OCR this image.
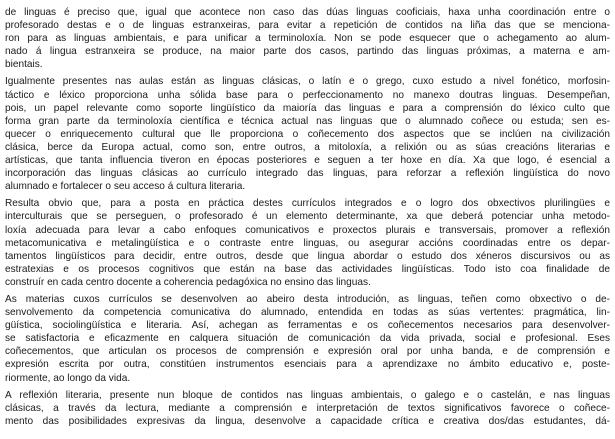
de linguas é preciso que, igual que acontece non caso das dúas linguas cooficiais, haxa unha coordinación entre o
profesorado destas e o de linguas estranxeiras, para evitar a repetición de contidos na liña das que se menciona-
ron para as linguas ambientais, e para unificar a terminoloxía. Non se pode esquecer que o achegamento ao alum-
nado á lingua estranxeira se produce, na maior parte dos casos, partindo das linguas próximas, a materna e am-
bientais.
Igualmente presentes nas aulas están as linguas clásicas, o latín e o grego, cuxo estudo a nivel fonético, morfosin-
táctico e léxico proporciona unha sólida base para o perfeccionamento no manexo doutras linguas. Desempeñan,
pois, un papel relevante como soporte lingüístico da maioría das linguas e para a comprensión do léxico culto que
forma gran parte da terminoloxía científica e técnica actual nas linguas que o alumnado coñece ou estuda; sen es-
quecer o enriquecemento cultural que lle proporciona o coñecemento dos aspectos que se inclúen na civilización
clásica, berce da Europa actual, como son, entre outros, a mitoloxía, a relixión ou as súas creacións literarias e
artísticas, que tanta influencia tiveron en épocas posteriores e seguen a ter hoxe en día. Xa que logo, é esencial a
incorporación das linguas clásicas ao currículo integrado das linguas, para reforzar a reflexión lingüística do novo
alumnado e fortalecer o seu acceso á cultura literaria.
Resulta obvio que, para a posta en práctica destes currículos integrados e o logro dos obxectivos plurilingües e
interculturais que se perseguen, o profesorado é un elemento determinante, xa que deberá potenciar unha metodo-
loxía adecuada para levar a cabo enfoques comunicativos e proxectos plurais e transversais, promover a reflexión
metacomunicativa e metalingüística e o contraste entre linguas, ou asegurar accións coordinadas entre os depar-
tamentos lingüísticos para decidir, entre outros, desde que lingua abordar o estudo dos xéneros discursivos ou as
estratexias e os procesos cognitivos que están na base das actividades lingüísticas. Todo isto coa finalidade de
construír en cada centro docente a coherencia pedagóxica no ensino das linguas.
As materias cuxos currículos se desenvolven ao abeiro desta introdución, as linguas, teñen como obxectivo o de-
senvolvemento da competencia comunicativa do alumnado, entendida en todas as súas vertentes: pragmática, lin-
güística, sociolingüística e literaria. Así, achegan as ferramentas e os coñecementos necesarios para desenvolver-
se satisfactoria e eficazmente en calquera situación de comunicación da vida privada, social e profesional. Eses
coñecementos, que articulan os procesos de comprensión e expresión oral por unha banda, e de comprensión e
expresión escrita por outra, constitúen instrumentos esenciais para a aprendizaxe no ámbito educativo e, poste-
riormente, ao longo da vida.
A reflexión literaria, presente nun bloque de contidos nas linguas ambientais, o galego e o castelán, e nas linguas
clásicas, a través da lectura, mediante a comprensión e interpretación de textos significativos favorece o coñece-
mento das posibilidades expresivas da lingua, desenvolve a capacidade crítica e creativa dos/das estudantes, dá-
